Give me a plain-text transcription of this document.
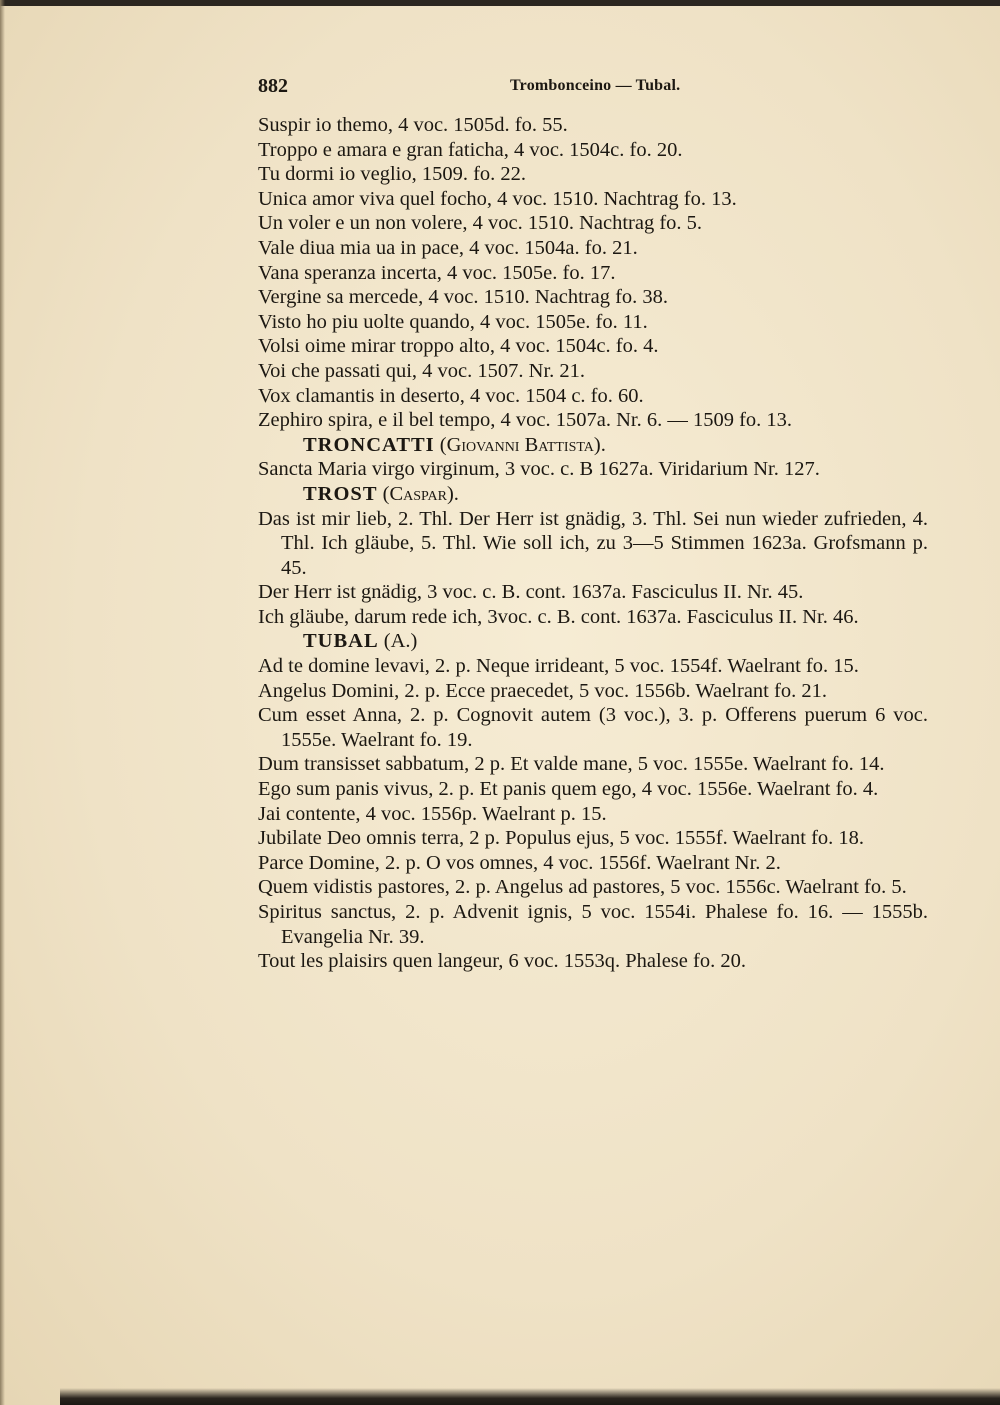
882	Trombonceino — Tubal.

Suspir io themo, 4 voc. 1505d. fo. 55.

Troppo e amara e gran faticha, 4 voc. 1504c. fo. 20.

Tu dormi io veglio, 1509. fo. 22.

Unica amor viva quel focho, 4 voc. 1510. Nachtrag fo. 13.

Un voler e un non volere, 4 voc. 1510. Nachtrag fo. 5.

Vale diua mia ua in pace, 4 voc. 1504a. fo. 21.

Vana speranza incerta, 4 voc. 1505e. fo. 17.

Vergine sa mercede, 4 voc. 1510. Nachtrag fo. 38.

Visto ho piu uolte quando, 4 voc. 1505e. fo. 11.

Volsi oime mirar troppo alto, 4 voc. 1504c. fo. 4.

Voi che passati qui, 4 voc. 1507. Nr. 21.

Vox clamantis in deserto, 4 voc. 1504 c. fo. 60.

Zephiro spira, e il bel tempo, 4 voc. 1507a. Nr. 6. — 1509 fo. 13.

TRONCATTI (Giovanni Battista).

Sancta Maria virgo virginum, 3 voc. c. B 1627a. Viridarium Nr. 127.

TROST (Caspar).

Das ist mir lieb, 2. Thl. Der Herr ist gnädig, 3. Thl. Sei nun wieder zufrieden, 4. Thl. Ich gläube, 5. Thl. Wie soll ich, zu 3—5 Stimmen 1623a. Grofsmann p. 45.

Der Herr ist gnädig, 3 voc. c. B. cont. 1637a. Fasciculus II. Nr. 45.

Ich gläube, darum rede ich, 3voc. c. B. cont. 1637a. Fasciculus II. Nr. 46.

TUBAL (A.)

Ad te domine levavi, 2. p. Neque irrideant, 5 voc. 1554f. Waelrant fo. 15.

Angelus Domini, 2. p. Ecce praecedet, 5 voc. 1556b. Waelrant fo. 21.

Cum esset Anna, 2. p. Cognovit autem (3 voc.), 3. p. Offerens puerum 6 voc. 1555e. Waelrant fo. 19.

Dum transisset sabbatum, 2 p. Et valde mane, 5 voc. 1555e. Waelrant fo. 14.

Ego sum panis vivus, 2. p. Et panis quem ego, 4 voc. 1556e. Waelrant fo. 4.

Jai contente, 4 voc. 1556p. Waelrant p. 15.

Jubilate Deo omnis terra, 2 p. Populus ejus, 5 voc. 1555f. Waelrant fo. 18.

Parce Domine, 2. p. O vos omnes, 4 voc. 1556f. Waelrant Nr. 2.

Quem vidistis pastores, 2. p. Angelus ad pastores, 5 voc. 1556c. Waelrant fo. 5.

Spiritus sanctus, 2. p. Advenit ignis, 5 voc. 1554i. Phalese fo. 16. — 1555b. Evangelia Nr. 39.

Tout les plaisirs quen langeur, 6 voc. 1553q. Phalese fo. 20.
